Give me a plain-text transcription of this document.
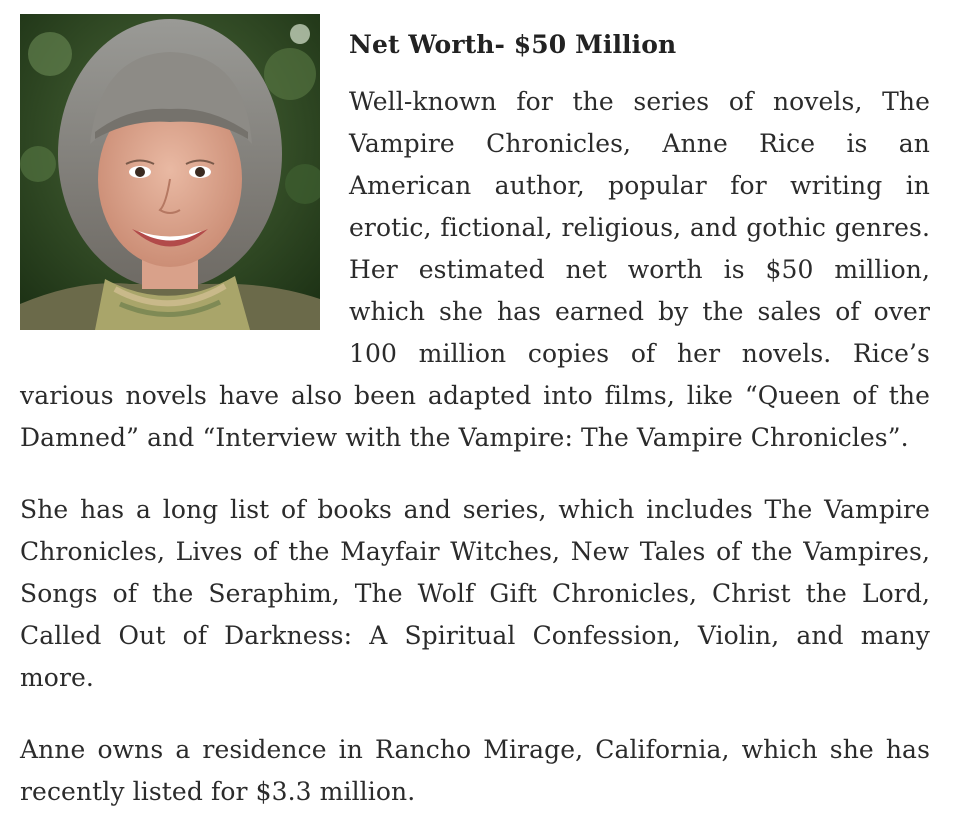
Net Worth- $50 Million

Well-known for the series of novels, The Vampire Chronicles, Anne Rice is an American author, popular for writing in erotic, fictional, religious, and gothic genres. Her estimated net worth is $50 million, which she has earned by the sales of over 100 million copies of her novels. Rice’s various novels have also been adapted into films, like “Queen of the Damned” and “Interview with the Vampire: The Vampire Chronicles”.

She has a long list of books and series, which includes The Vampire Chronicles, Lives of the Mayfair Witches, New Tales of the Vampires, Songs of the Seraphim, The Wolf Gift Chronicles, Christ the Lord, Called Out of Darkness: A Spiritual Confession, Violin, and many more.

Anne owns a residence in Rancho Mirage, California, which she has recently listed for $3.3 million.
